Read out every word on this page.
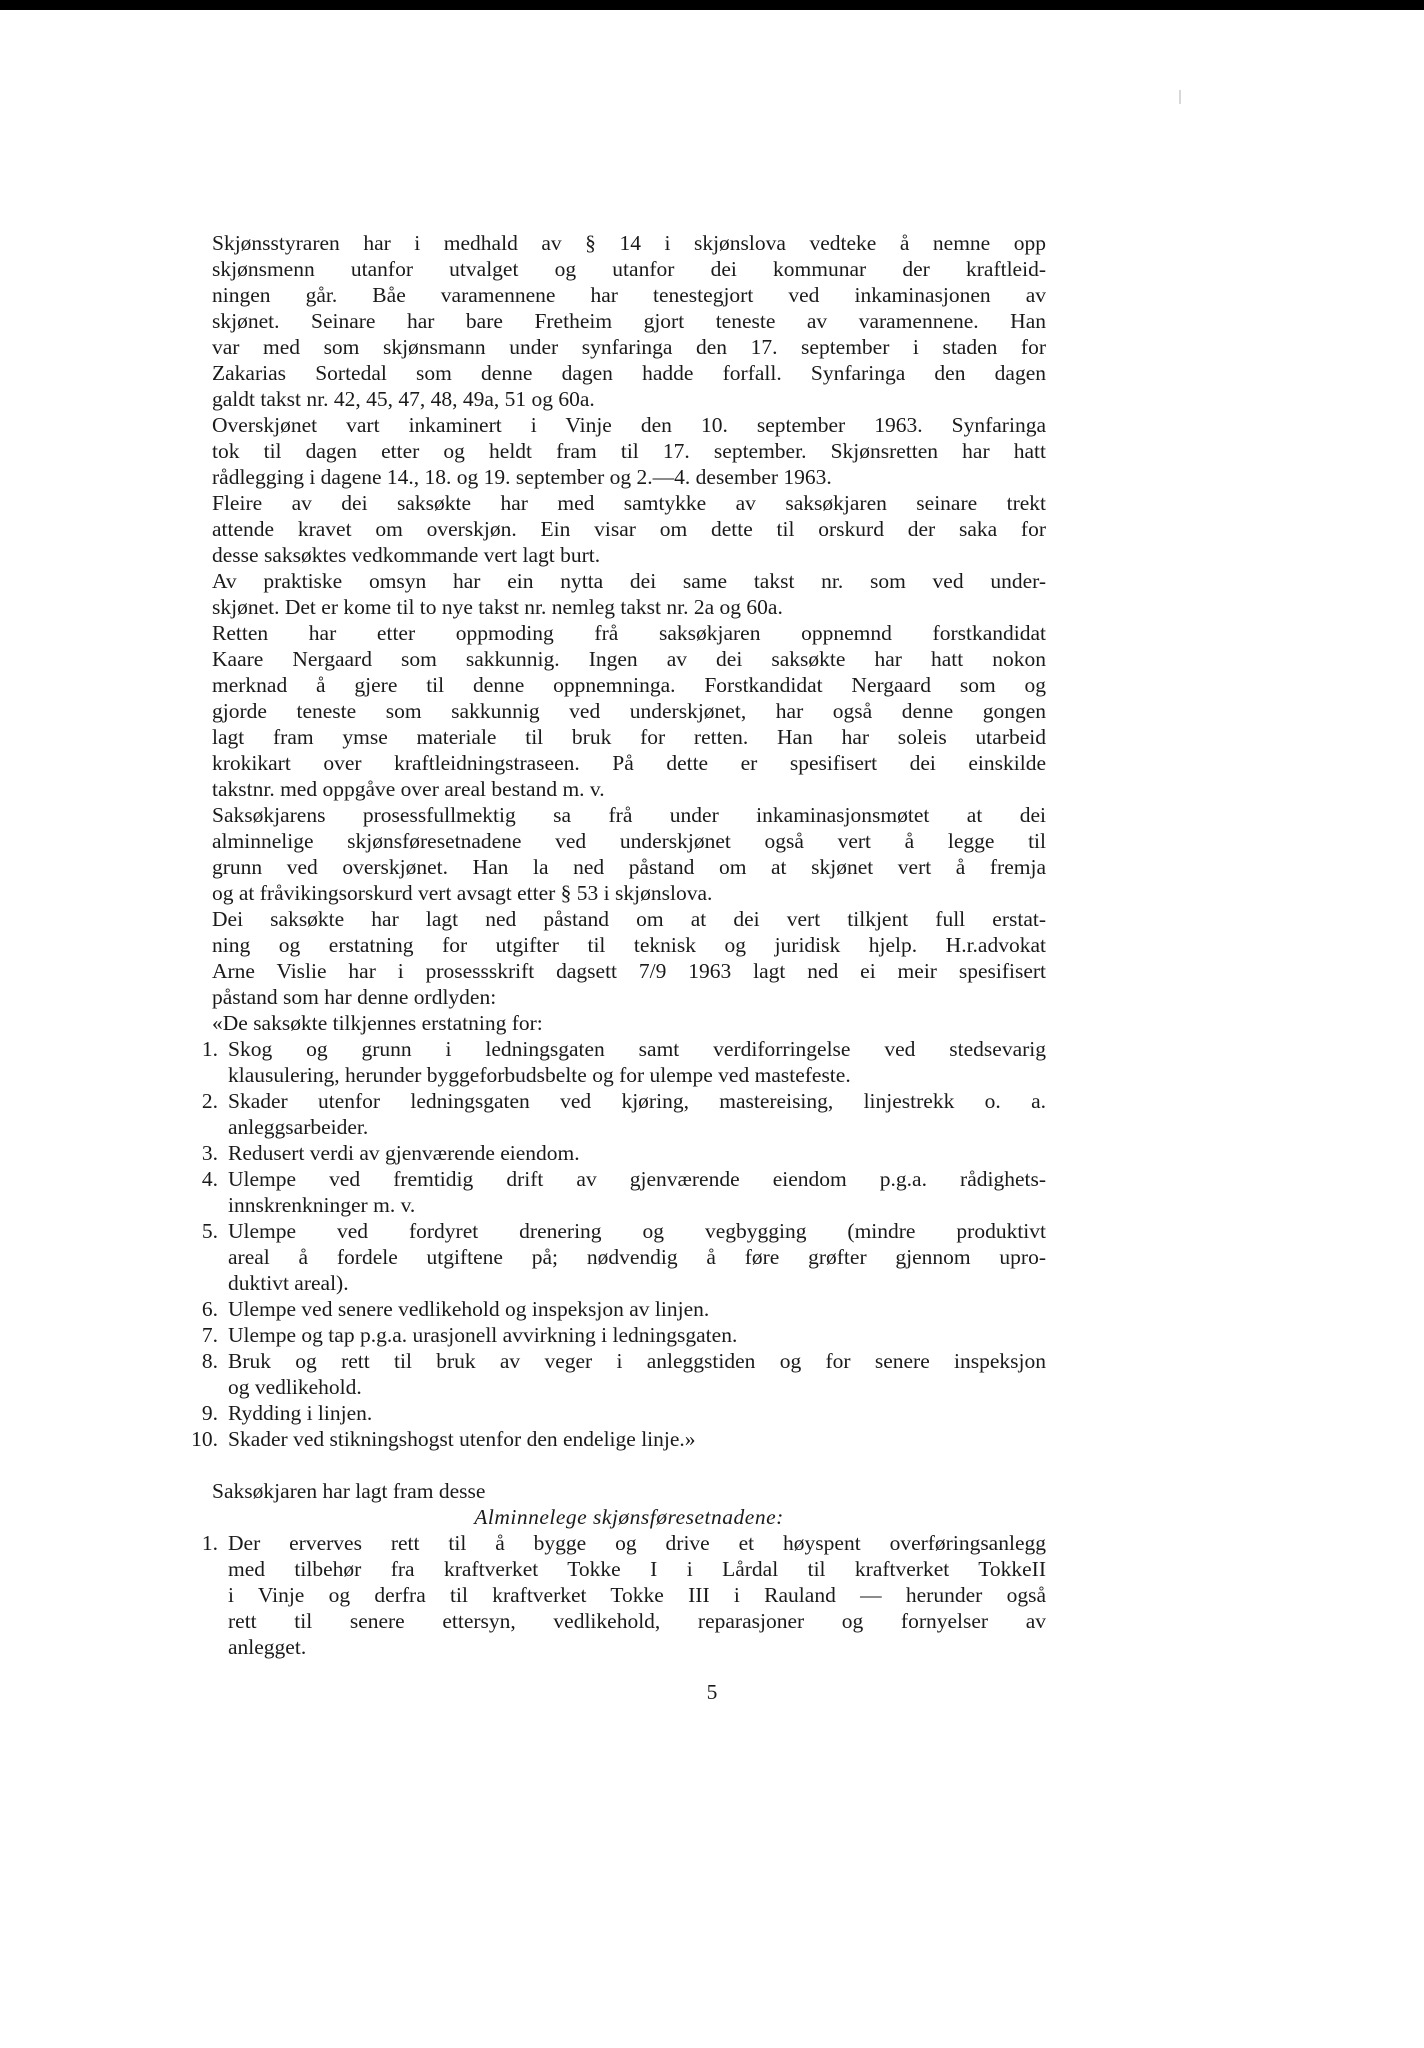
Skjønsstyraren har i medhald av § 14 i skjønslova vedteke å nemne opp
skjønsmenn utanfor utvalget og utanfor dei kommunar der kraftleid-
ningen går. Båe varamennene har tenestegjort ved inkaminasjonen av
skjønet. Seinare har bare Fretheim gjort teneste av varamennene. Han
var med som skjønsmann under synfaringa den 17. september i staden for
Zakarias Sortedal som denne dagen hadde forfall. Synfaringa den dagen
galdt takst nr. 42, 45, 47, 48, 49a, 51 og 60a.
Overskjønet vart inkaminert i Vinje den 10. september 1963. Synfaringa
tok til dagen etter og heldt fram til 17. september. Skjønsretten har hatt
rådlegging i dagene 14., 18. og 19. september og 2.—4. desember 1963.
Fleire av dei saksøkte har med samtykke av saksøkjaren seinare trekt
attende kravet om overskjøn. Ein visar om dette til orskurd der saka for
desse saksøktes vedkommande vert lagt burt.
Av praktiske omsyn har ein nytta dei same takst nr. som ved under-
skjønet. Det er kome til to nye takst nr. nemleg takst nr. 2a og 60a.
Retten har etter oppmoding frå saksøkjaren oppnemnd forstkandidat
Kaare Nergaard som sakkunnig. Ingen av dei saksøkte har hatt nokon
merknad å gjere til denne oppnemninga. Forstkandidat Nergaard som og
gjorde teneste som sakkunnig ved underskjønet, har også denne gongen
lagt fram ymse materiale til bruk for retten. Han har soleis utarbeid
krokikart over kraftleidningstraseen. På dette er spesifisert dei einskilde
takstnr. med oppgåve over areal bestand m. v.
Saksøkjarens prosessfullmektig sa frå under inkaminasjonsmøtet at dei
alminnelige skjønsføresetnadene ved underskjønet også vert å legge til
grunn ved overskjønet. Han la ned påstand om at skjønet vert å fremja
og at fråvikingsorskurd vert avsagt etter § 53 i skjønslova.
Dei saksøkte har lagt ned påstand om at dei vert tilkjent full erstat-
ning og erstatning for utgifter til teknisk og juridisk hjelp. H.r.advokat
Arne Vislie har i prosessskrift dagsett 7/9 1963 lagt ned ei meir spesifisert
påstand som har denne ordlyden:
«De saksøkte tilkjennes erstatning for:
1. Skog og grunn i ledningsgaten samt verdiforringelse ved stedsevarig
klausulering, herunder byggeforbudsbelte og for ulempe ved mastefeste.
2. Skader utenfor ledningsgaten ved kjøring, mastereising, linjestrekk o. a.
anleggsarbeider.
3. Redusert verdi av gjenværende eiendom.
4. Ulempe ved fremtidig drift av gjenværende eiendom p.g.a. rådighets-
innskrenkninger m. v.
5. Ulempe ved fordyret drenering og vegbygging (mindre produktivt
areal å fordele utgiftene på; nødvendig å føre grøfter gjennom upro-
duktivt areal).
6. Ulempe ved senere vedlikehold og inspeksjon av linjen.
7. Ulempe og tap p.g.a. urasjonell avvirkning i ledningsgaten.
8. Bruk og rett til bruk av veger i anleggstiden og for senere inspeksjon
og vedlikehold.
9. Rydding i linjen.
10. Skader ved stikningshogst utenfor den endelige linje.»
Saksøkjaren har lagt fram desse
Alminnelege skjønsføresetnadene:
1. Der erverves rett til å bygge og drive et høyspent overføringsanlegg
med tilbehør fra kraftverket Tokke I i Lårdal til kraftverket TokkeII
i Vinje og derfra til kraftverket Tokke III i Rauland — herunder også
rett til senere ettersyn, vedlikehold, reparasjoner og fornyelser av
anlegget.
5
